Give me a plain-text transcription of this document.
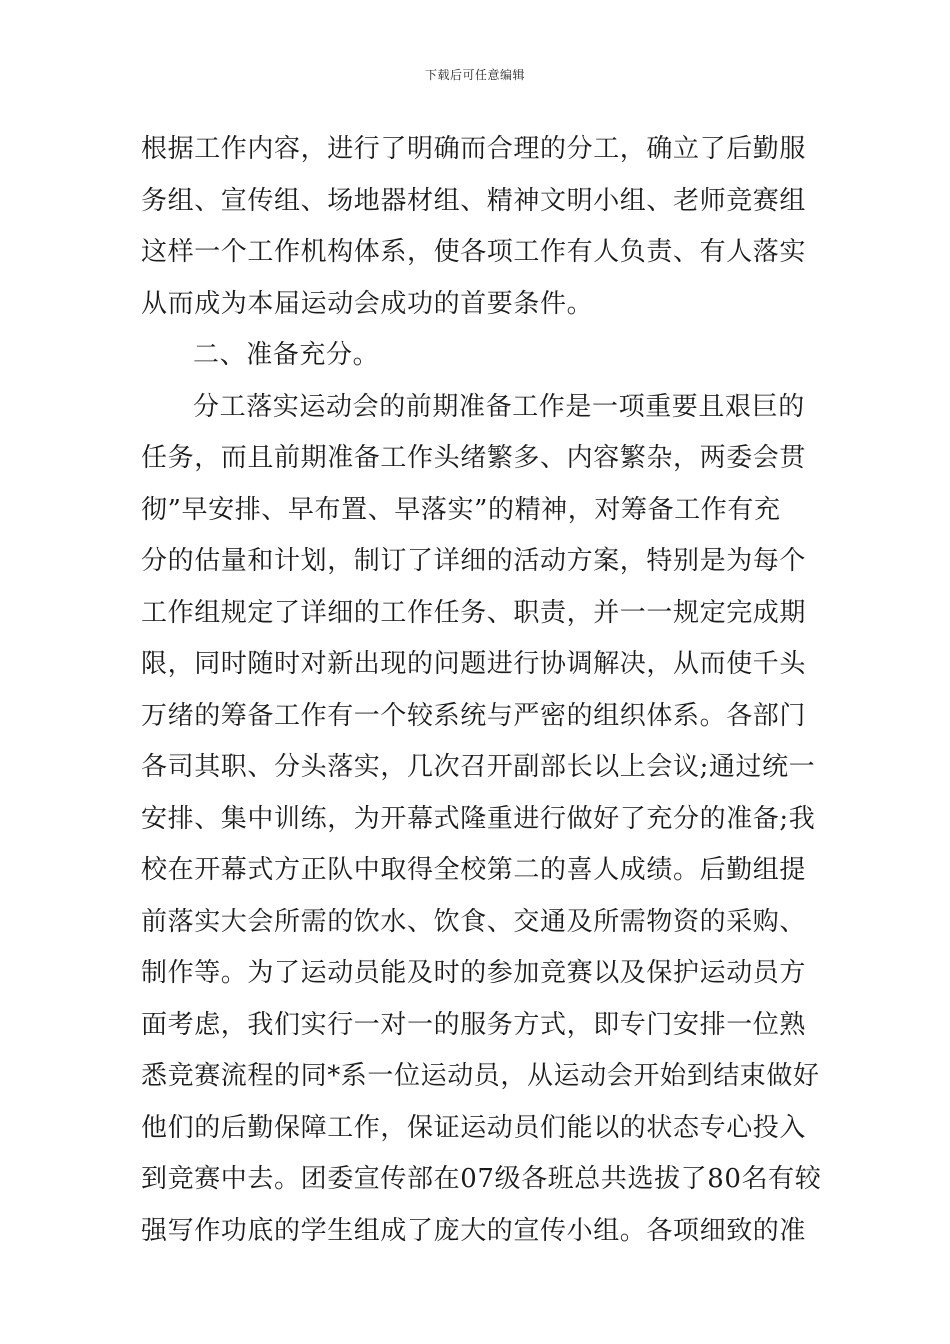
下载后可任意编辑
根据工作内容，进行了明确而合理的分工，确立了后勤服
务组、宣传组、场地器材组、精神文明小组、老师竞赛组
这样一个工作机构体系，使各项工作有人负责、有人落实
从而成为本届运动会成功的首要条件。
二、准备充分。
分工落实运动会的前期准备工作是一项重要且艰巨的
任务，而且前期准备工作头绪繁多、内容繁杂，两委会贯
彻”早安排、早布置、早落实”的精神，对筹备工作有充
分的估量和计划，制订了详细的活动方案，特别是为每个
工作组规定了详细的工作任务、职责，并一一规定完成期
限，同时随时对新出现的问题进行协调解决，从而使千头
万绪的筹备工作有一个较系统与严密的组织体系。各部门
各司其职、分头落实，几次召开副部长以上会议;通过统一
安排、集中训练，为开幕式隆重进行做好了充分的准备;我
校在开幕式方正队中取得全校第二的喜人成绩。后勤组提
前落实大会所需的饮水、饮食、交通及所需物资的采购、
制作等。为了运动员能及时的参加竞赛以及保护运动员方
面考虑，我们实行一对一的服务方式，即专门安排一位熟
悉竞赛流程的同*系一位运动员，从运动会开始到结束做好
他们的后勤保障工作，保证运动员们能以的状态专心投入
到竞赛中去。团委宣传部在07级各班总共选拔了80名有较
强写作功底的学生组成了庞大的宣传小组。各项细致的准
